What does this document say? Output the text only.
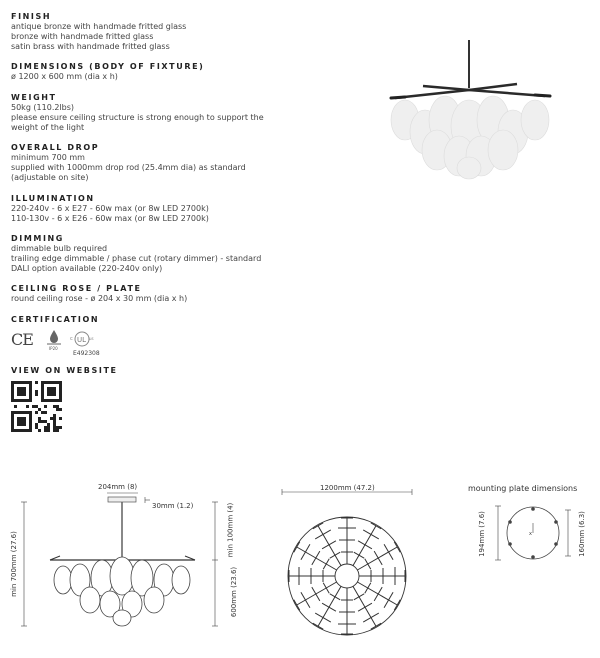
FINISH

antique bronze with handmade fritted glass

bronze with handmade fritted glass

satin brass with handmade fritted glass

DIMENSIONS (BODY OF FIXTURE)

ø 1200 x 600 mm (dia x h)

WEIGHT

50kg (110.2lbs)

please ensure ceiling structure is strong enough to support the

weight of the light

OVERALL DROP

minimum 700 mm

supplied with 1000mm drop rod (25.4mm dia) as standard

(adjustable on site)

ILLUMINATION

220-240v - 6 x E27 - 60w max (or 8w LED 2700k)

110-130v - 6 x E26 - 60w max (or 8w LED 2700k)

DIMMING

dimmable bulb required

trailing edge dimmable / phase cut (rotary dimmer) - standard

DALI option available (220-240v only)

CEILING ROSE / PLATE

round ceiling rose - ø 204 x 30 mm (dia x h)

CERTIFICATION

CE	IP20
UL
c	us
E492308

VIEW ON WEBSITE

204mm (8)
30mm (1.2)
min 700mm (27.6)
min 100mm (4)
600mm (23.6)
1200mm (47.2)	mounting plate dimensions
x
194mm (7.6)	160mm (6.3)
